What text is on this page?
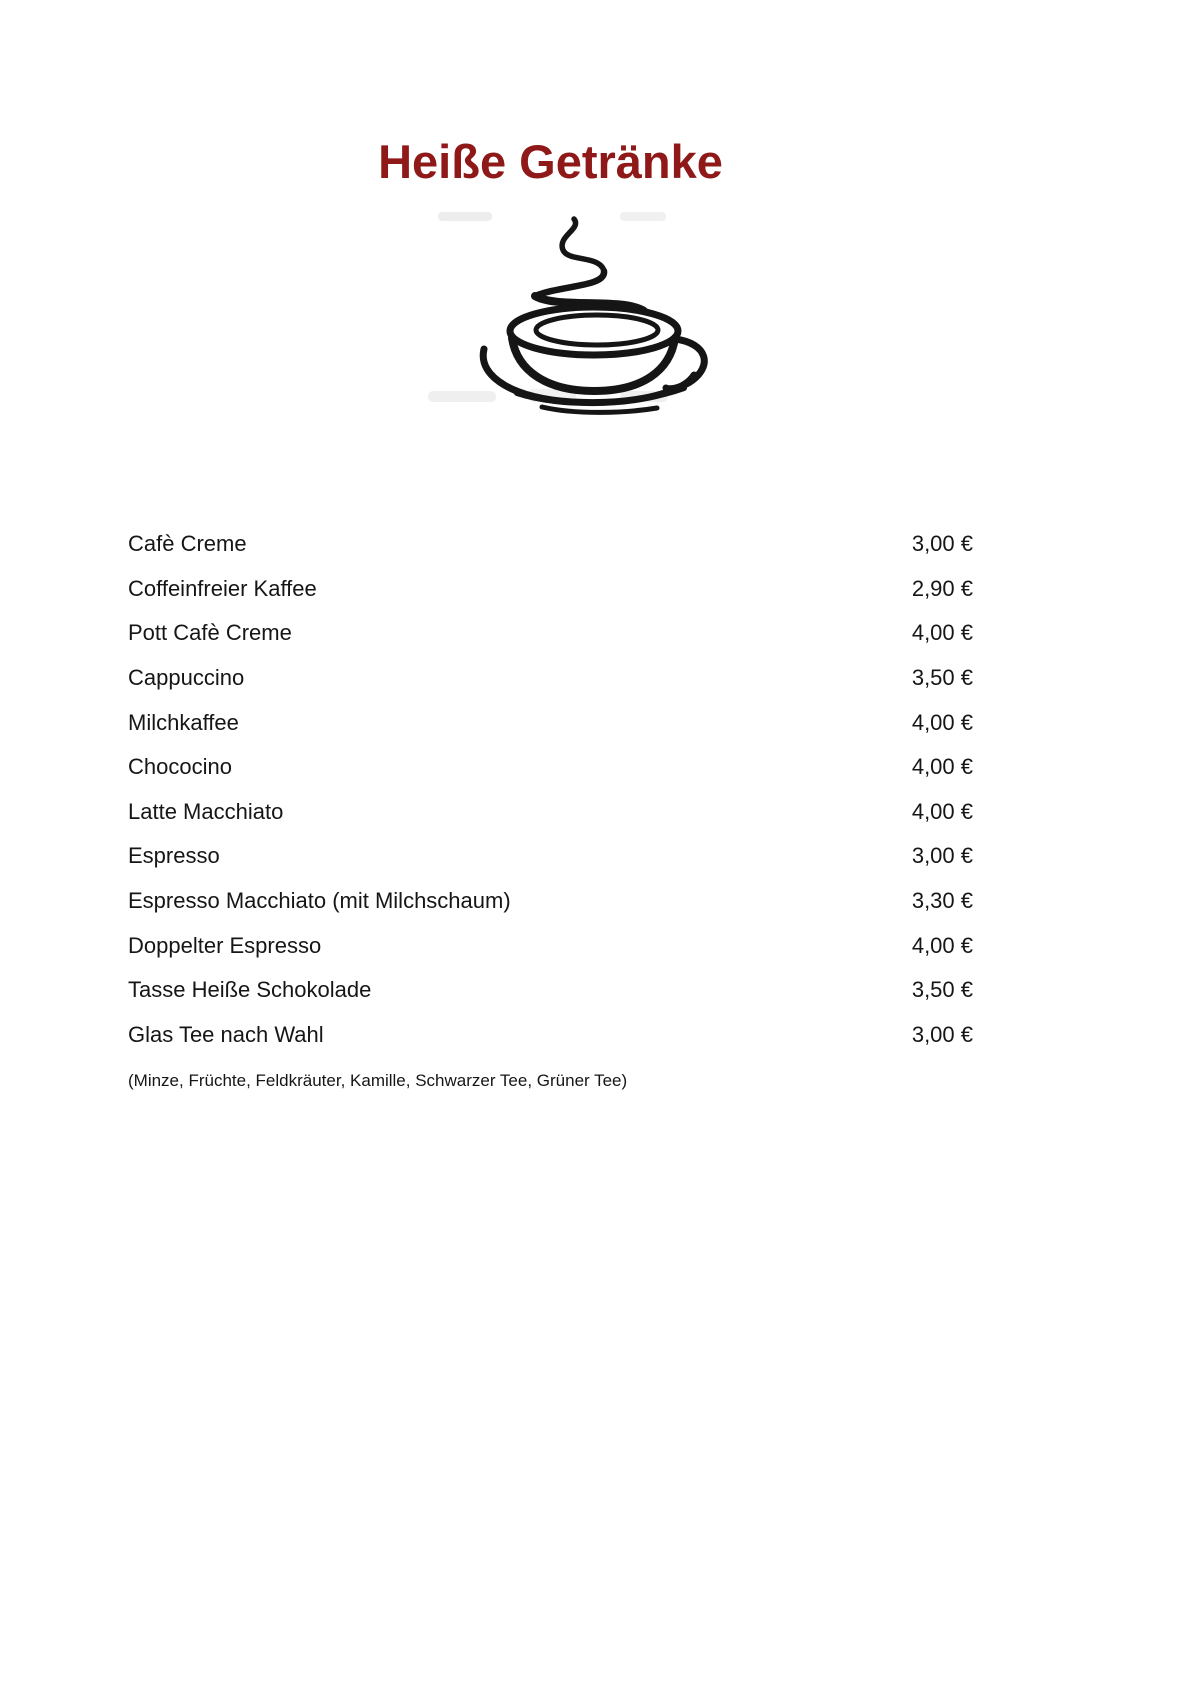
Heiße Getränke
Cafè Creme	3,00 €
Coffeinfreier Kaffee	2,90 €
Pott Cafè Creme	4,00 €
Cappuccino	3,50 €
Milchkaffee	4,00 €
Chococino	4,00 €
Latte Macchiato	4,00 €
Espresso	3,00 €
Espresso Macchiato (mit Milchschaum)	3,30 €
Doppelter Espresso	4,00 €
Tasse Heiße Schokolade	3,50 €
Glas Tee nach Wahl	3,00 €
(Minze, Früchte, Feldkräuter, Kamille, Schwarzer Tee, Grüner Tee)
